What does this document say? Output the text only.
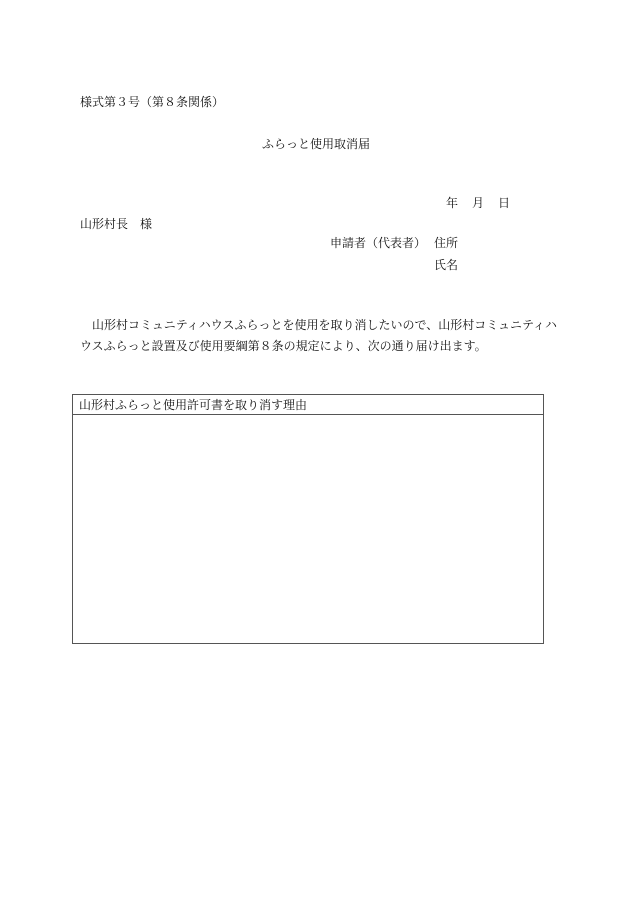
様式第３号（第８条関係）
ふらっと使用取消届
年 月 日
山形村長　様
申請者（代表者） 住所
氏名
山形村コミュニティハウスふらっとを使用を取り消したいので、山形村コミュニティハ
ウスふらっと設置及び使用要綱第８条の規定により、次の通り届け出ます。
山形村ふらっと使用許可書を取り消す理由
